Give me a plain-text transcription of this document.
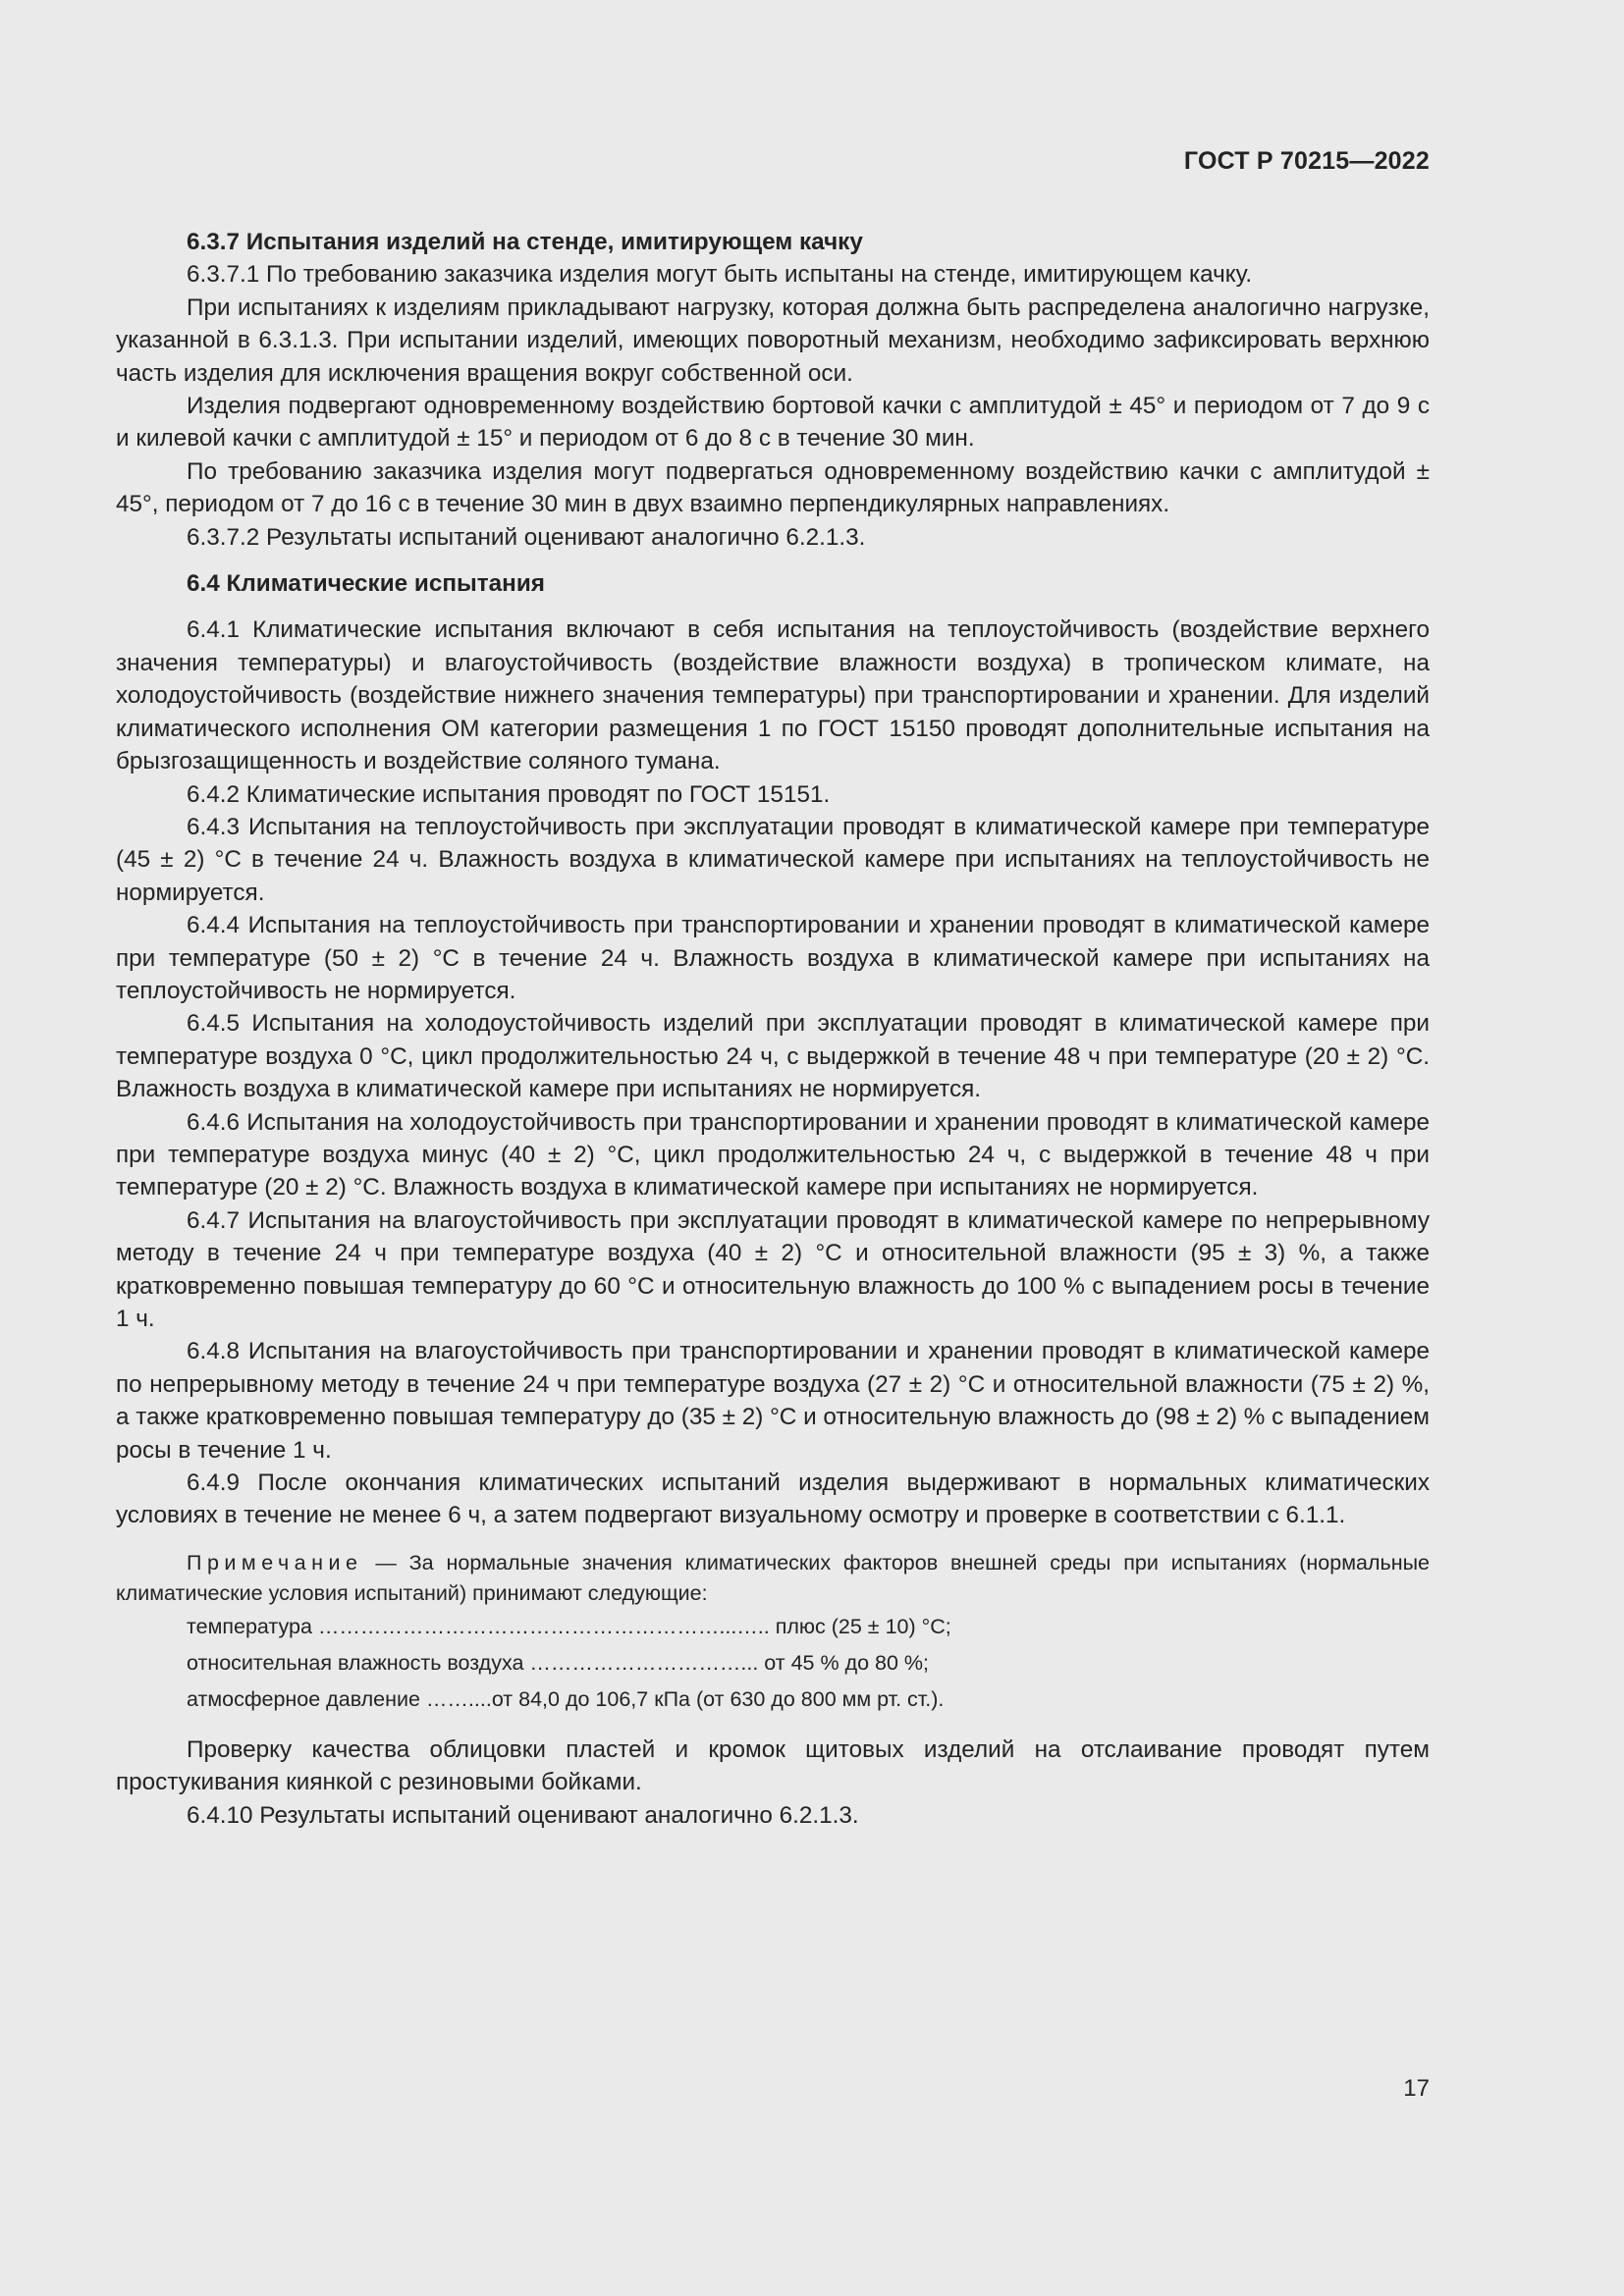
ГОСТ Р 70215—2022

6.3.7 Испытания изделий на стенде, имитирующем качку

6.3.7.1 По требованию заказчика изделия могут быть испытаны на стенде, имитирующем качку.

При испытаниях к изделиям прикладывают нагрузку, которая должна быть распределена аналогично нагрузке, указанной в 6.3.1.3. При испытании изделий, имеющих поворотный механизм, необходимо зафиксировать верхнюю часть изделия для исключения вращения вокруг собственной оси.

Изделия подвергают одновременному воздействию бортовой качки с амплитудой ± 45° и периодом от 7 до 9 с и килевой качки с амплитудой ± 15° и периодом от 6 до 8 с в течение 30 мин.

По требованию заказчика изделия могут подвергаться одновременному воздействию качки с амплитудой ± 45°, периодом от 7 до 16 с в течение 30 мин в двух взаимно перпендикулярных направлениях.

6.3.7.2 Результаты испытаний оценивают аналогично 6.2.1.3.

6.4 Климатические испытания

6.4.1 Климатические испытания включают в себя испытания на теплоустойчивость (воздействие верхнего значения температуры) и влагоустойчивость (воздействие влажности воздуха) в тропическом климате, на холодоустойчивость (воздействие нижнего значения температуры) при транспортировании и хранении. Для изделий климатического исполнения ОМ категории размещения 1 по ГОСТ 15150 проводят дополнительные испытания на брызгозащищенность и воздействие соляного тумана.

6.4.2 Климатические испытания проводят по ГОСТ 15151.

6.4.3 Испытания на теплоустойчивость при эксплуатации проводят в климатической камере при температуре (45 ± 2) °С в течение 24 ч. Влажность воздуха в климатической камере при испытаниях на теплоустойчивость не нормируется.

6.4.4 Испытания на теплоустойчивость при транспортировании и хранении проводят в климатической камере при температуре (50 ± 2) °С в течение 24 ч. Влажность воздуха в климатической камере при испытаниях на теплоустойчивость не нормируется.

6.4.5 Испытания на холодоустойчивость изделий при эксплуатации проводят в климатической камере при температуре воздуха 0 °С, цикл продолжительностью 24 ч, с выдержкой в течение 48 ч при температуре (20 ± 2) °С. Влажность воздуха в климатической камере при испытаниях не нормируется.

6.4.6 Испытания на холодоустойчивость при транспортировании и хранении проводят в климатической камере при температуре воздуха минус (40 ± 2) °С, цикл продолжительностью 24 ч, с выдержкой в течение 48 ч при температуре (20 ± 2) °С. Влажность воздуха в климатической камере при испытаниях не нормируется.

6.4.7 Испытания на влагоустойчивость при эксплуатации проводят в климатической камере по непрерывному методу в течение 24 ч при температуре воздуха (40 ± 2) °С и относительной влажности (95 ± 3) %, а также кратковременно повышая температуру до 60 °С и относительную влажность до 100 % с выпадением росы в течение 1 ч.

6.4.8 Испытания на влагоустойчивость при транспортировании и хранении проводят в климатической камере по непрерывному методу в течение 24 ч при температуре воздуха (27 ± 2) °С и относительной влажности (75 ± 2) %, а также кратковременно повышая температуру до (35 ± 2) °С и относительную влажность до (98 ± 2) % с выпадением росы в течение 1 ч.

6.4.9 После окончания климатических испытаний изделия выдерживают в нормальных климатических условиях в течение не менее 6 ч, а затем подвергают визуальному осмотру и проверке в соответствии с 6.1.1.

Примечание — За нормальные значения климатических факторов внешней среды при испытаниях (нормальные климатические условия испытаний) принимают следующие:

температура …………………………………………………...….. плюс (25 ± 10) °С;

относительная влажность воздуха …………………………... от 45 % до 80 %;

атмосферное давление ……....от 84,0 до 106,7 кПа (от 630 до 800 мм рт. ст.).

Проверку качества облицовки пластей и кромок щитовых изделий на отслаивание проводят путем простукивания киянкой с резиновыми бойками.

6.4.10 Результаты испытаний оценивают аналогично 6.2.1.3.

17
